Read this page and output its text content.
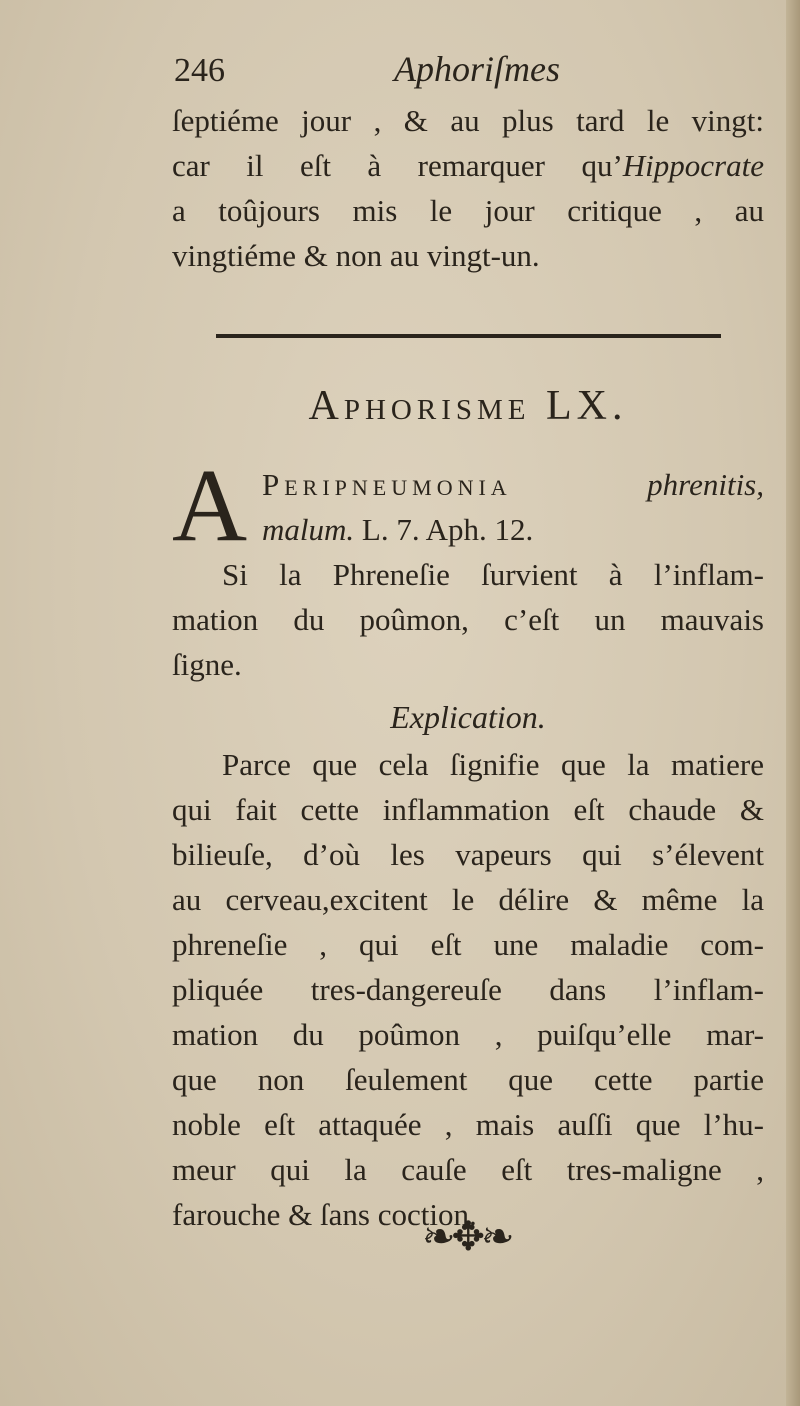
246	Aphoriſmes

ſeptiéme jour , & au plus tard le vingt:

car il eſt à remarquer qu’Hippocrate

a toûjours mis le jour critique , au

vingtiéme & non au vingt-un.

Aphorisme LX.
A Peripneumonia	phrenitis,

malum. L. 7. Aph. 12.

Si la Phreneſie ſurvient à l’inflam-

mation du poûmon, c’eſt un mauvais

ſigne.

Explication.

Parce que cela ſignifie que la matiere

qui fait cette inflammation eſt chaude &

bilieuſe, d’où les vapeurs qui s’élevent

au cerveau,excitent le délire & même la

phreneſie , qui eſt une maladie com-

pliquée tres-dangereuſe dans l’inflam-

mation du poûmon , puiſqu’elle mar-

que non ſeulement que cette partie

noble eſt attaquée , mais auſſi que l’hu-

meur qui la cauſe eſt tres-maligne ,

farouche & ſans coction.

❧✥❧
